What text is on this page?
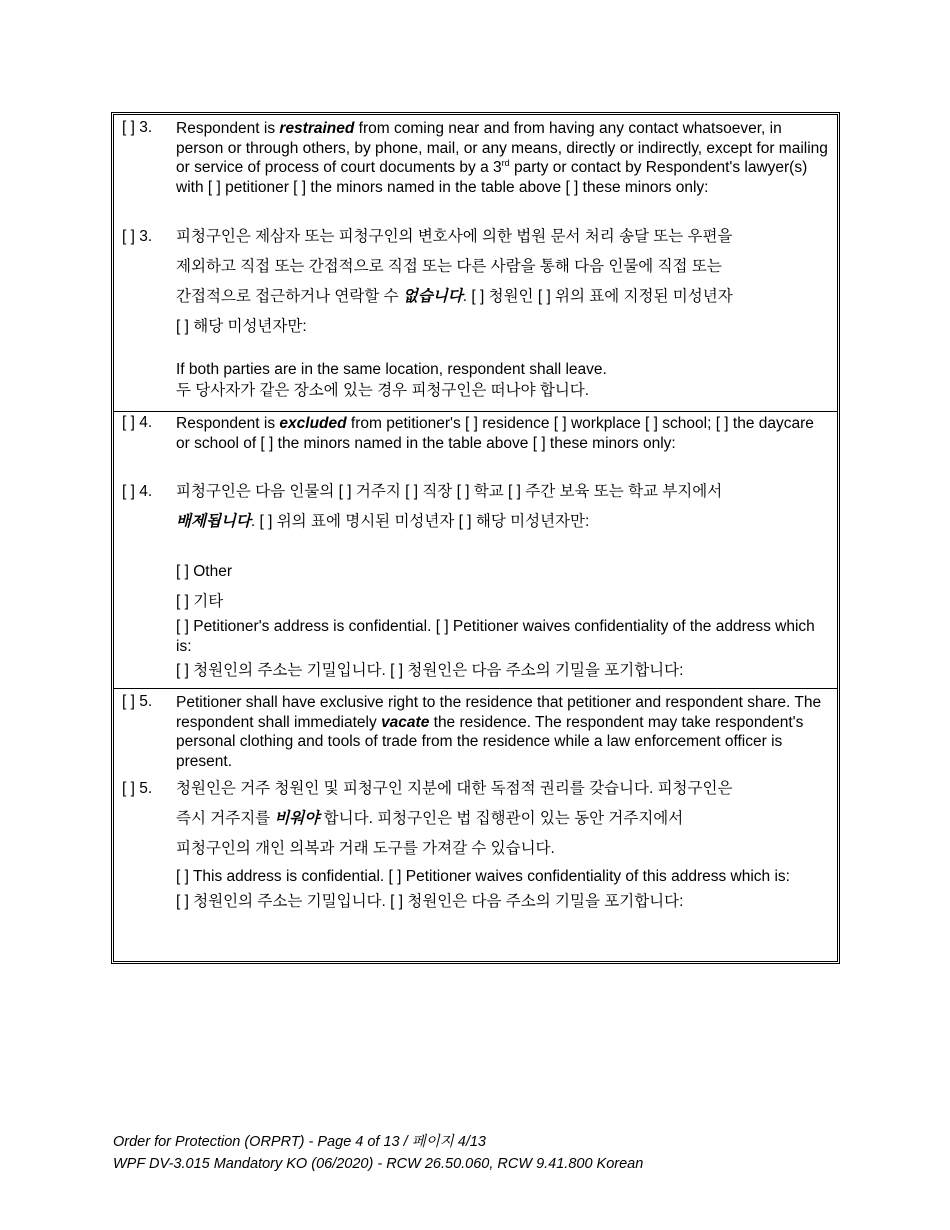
[ ] 3.	Respondent is restrained from coming near and from having any contact whatsoever, in person or through others, by phone, mail, or any means, directly or indirectly, except for mailing or service of process of court documents by a 3rd party or contact by Respondent's lawyer(s) with [ ] petitioner [ ] the minors named in the table above [ ] these minors only:
[ ] 3.	피청구인은 제삼자 또는 피청구인의 변호사에 의한 법원 문서 처리 송달 또는 우편을
제외하고 직접 또는 간접적으로 직접 또는 다른 사람을 통해 다음 인물에 직접 또는
간접적으로 접근하거나 연락할 수 없습니다. [ ] 청원인 [ ] 위의 표에 지정된 미성년자
[ ] 해당 미성년자만:
If both parties are in the same location, respondent shall leave.
두 당사자가 같은 장소에 있는 경우 피청구인은 떠나야 합니다.
[ ] 4.	Respondent is excluded from petitioner's [ ] residence [ ] workplace [ ] school; [ ] the daycare or school of [ ] the minors named in the table above [ ] these minors only:
[ ] 4.	피청구인은 다음 인물의 [ ] 거주지 [ ] 직장 [ ] 학교 [ ] 주간 보육 또는 학교 부지에서
배제됩니다. [ ] 위의 표에 명시된 미성년자 [ ] 해당 미성년자만:
[ ] Other
[ ] 기타
[ ] Petitioner's address is confidential. [ ] Petitioner waives confidentiality of the address which is:
[ ] 청원인의 주소는 기밀입니다. [ ] 청원인은 다음 주소의 기밀을 포기합니다:
[ ] 5.	Petitioner shall have exclusive right to the residence that petitioner and respondent share. The respondent shall immediately vacate the residence. The respondent may take respondent's personal clothing and tools of trade from the residence while a law enforcement officer is present.
[ ] 5.	청원인은 거주 청원인 및 피청구인 지분에 대한 독점적 권리를 갖습니다. 피청구인은
즉시 거주지를 비워야 합니다. 피청구인은 법 집행관이 있는 동안 거주지에서
피청구인의 개인 의복과 거래 도구를 가져갈 수 있습니다.
[ ] This address is confidential. [ ] Petitioner waives confidentiality of this address which is:
[ ] 청원인의 주소는 기밀입니다. [ ] 청원인은 다음 주소의 기밀을 포기합니다:
Order for Protection (ORPRT) - Page 4 of 13 / 페이지 4/13
WPF DV-3.015 Mandatory KO (06/2020) - RCW 26.50.060, RCW 9.41.800 Korean
